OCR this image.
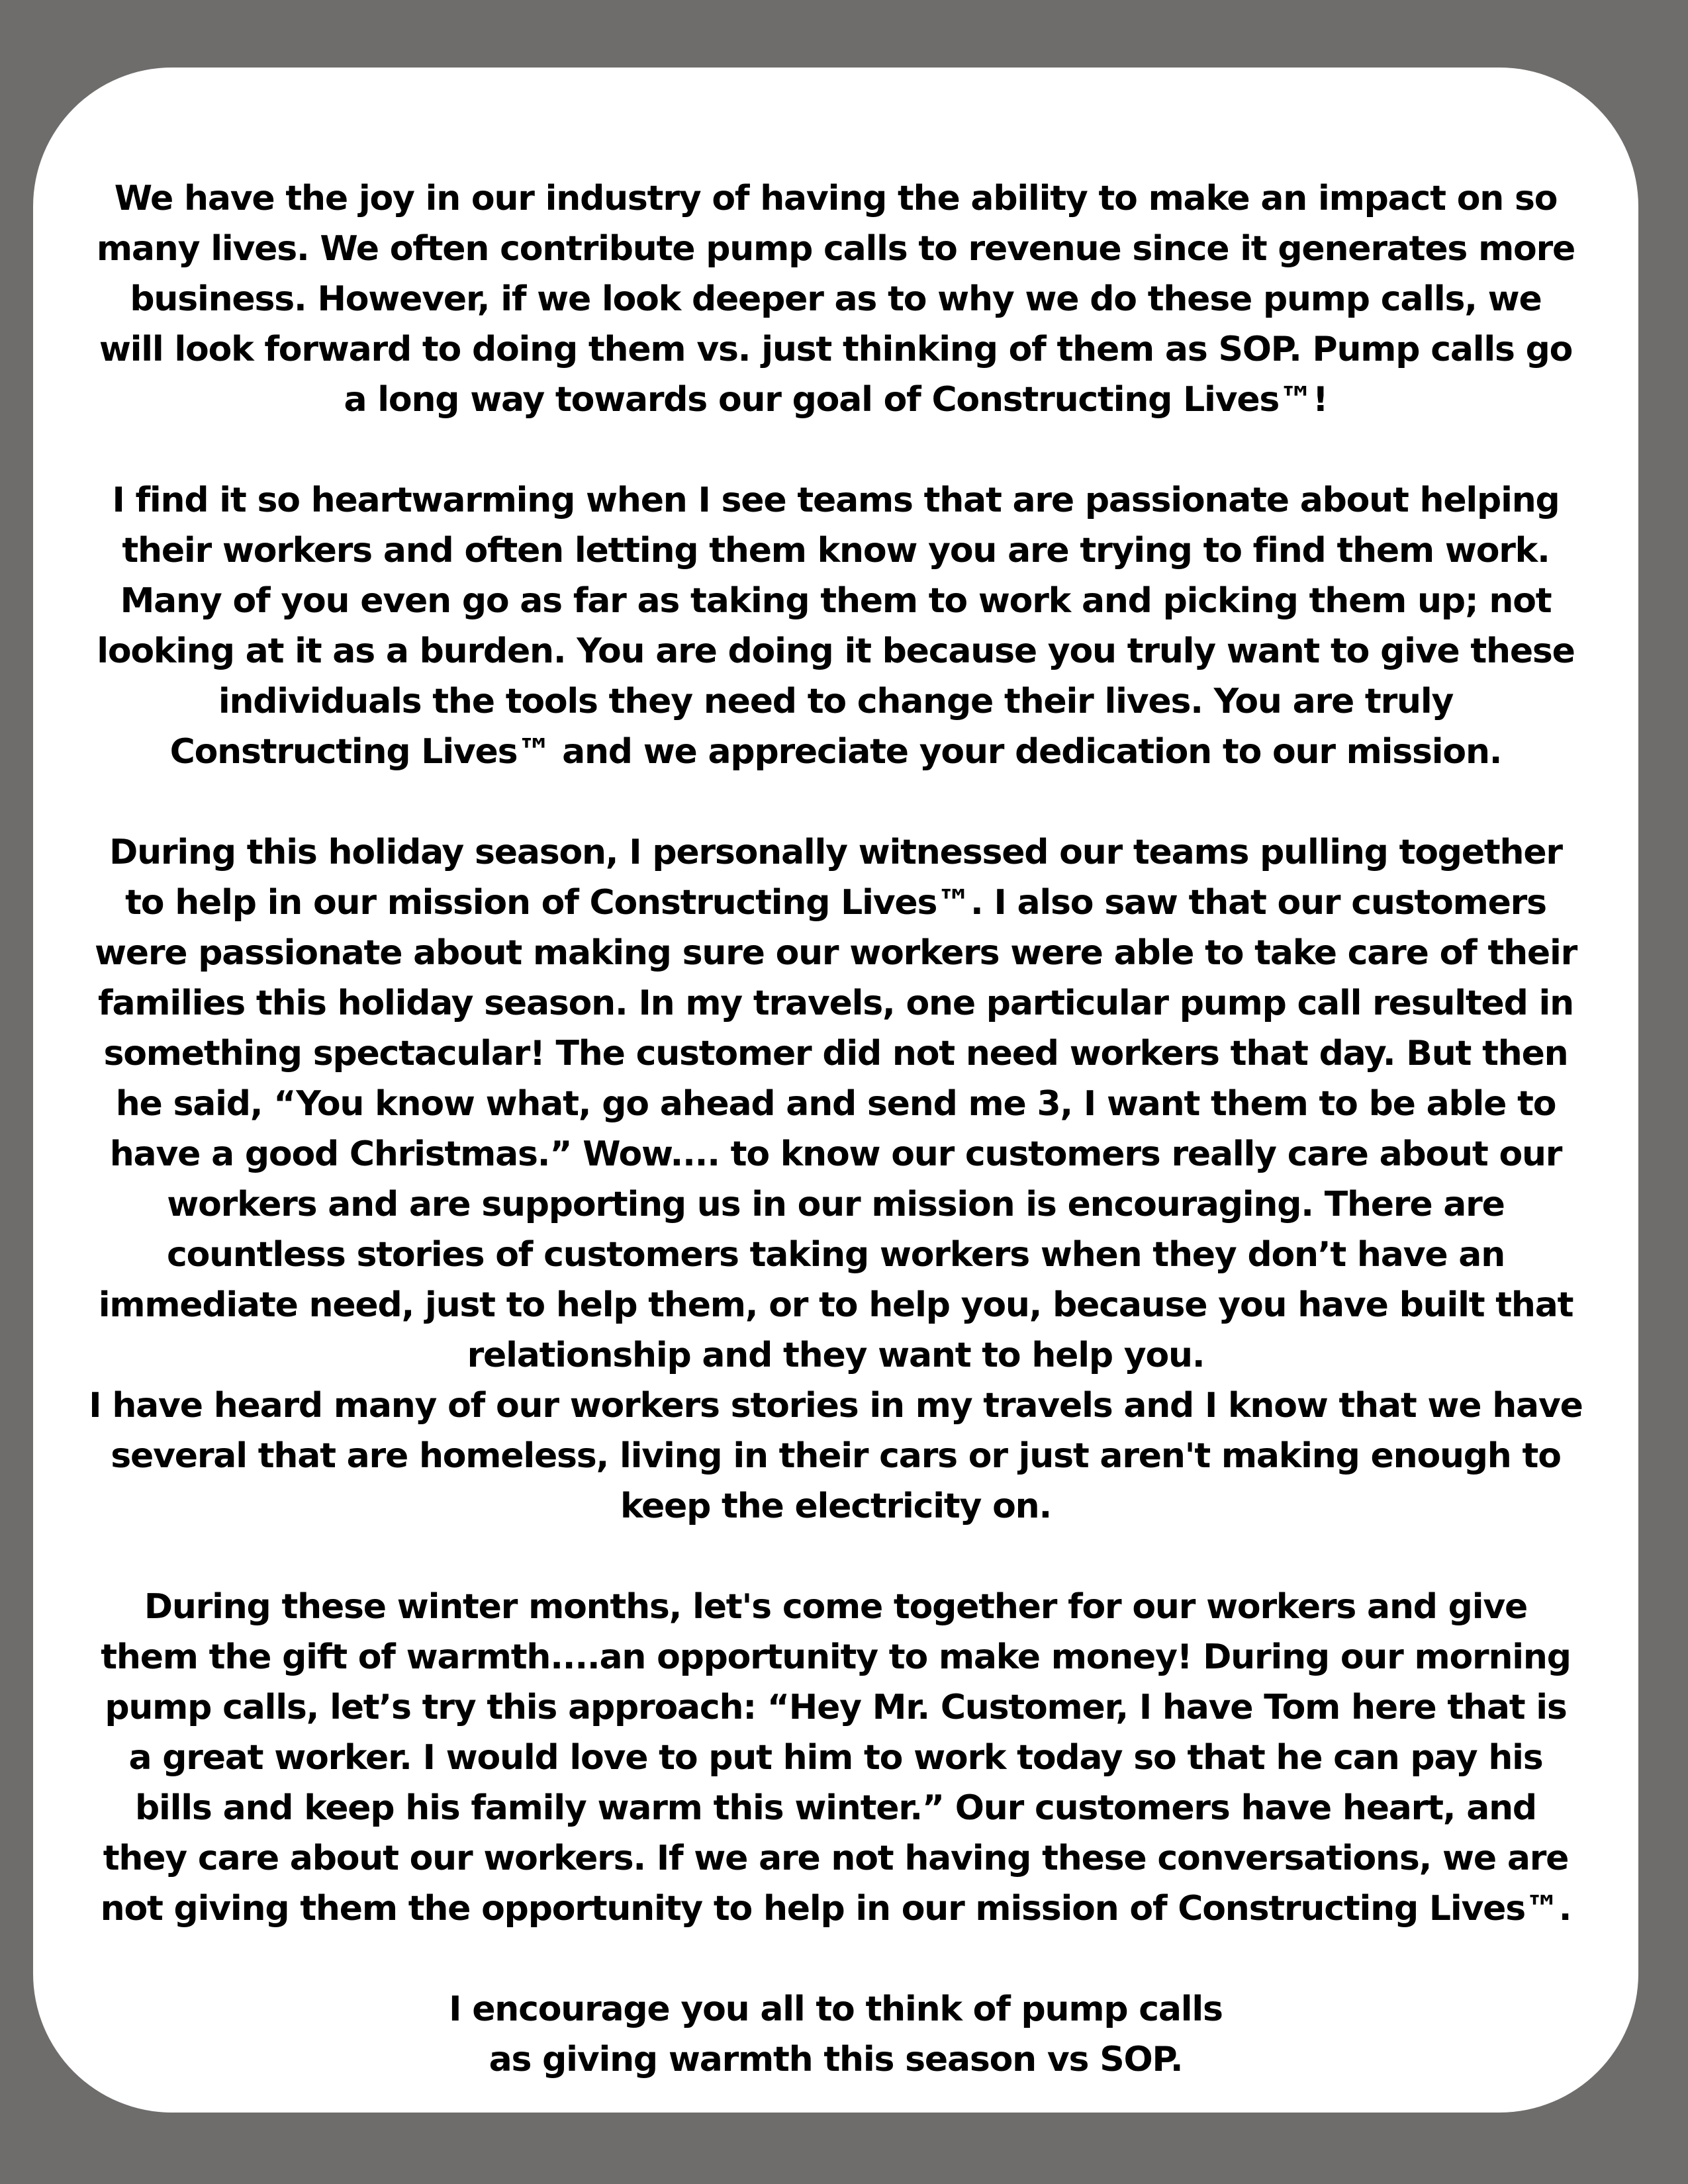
We have the joy in our industry of having the ability to make an impact on so
many lives. We often contribute pump calls to revenue since it generates more
business. However, if we look deeper as to why we do these pump calls, we
will look forward to doing them vs. just thinking of them as SOP. Pump calls go
a long way towards our goal of Constructing Lives™!

I find it so heartwarming when I see teams that are passionate about helping
their workers and often letting them know you are trying to find them work.
Many of you even go as far as taking them to work and picking them up; not
looking at it as a burden. You are doing it because you truly want to give these
individuals the tools they need to change their lives. You are truly
Constructing Lives™ and we appreciate your dedication to our mission.

During this holiday season, I personally witnessed our teams pulling together
to help in our mission of Constructing Lives™. I also saw that our customers
were passionate about making sure our workers were able to take care of their
families this holiday season. In my travels, one particular pump call resulted in
something spectacular! The customer did not need workers that day. But then
he said, “You know what, go ahead and send me 3, I want them to be able to
have a good Christmas.” Wow.... to know our customers really care about our
workers and are supporting us in our mission is encouraging. There are
countless stories of customers taking workers when they don’t have an
immediate need, just to help them, or to help you, because you have built that
relationship and they want to help you.
I have heard many of our workers stories in my travels and I know that we have
several that are homeless, living in their cars or just aren't making enough to
keep the electricity on.

During these winter months, let's come together for our workers and give
them the gift of warmth....an opportunity to make money! During our morning
pump calls, let’s try this approach: “Hey Mr. Customer, I have Tom here that is
a great worker. I would love to put him to work today so that he can pay his
bills and keep his family warm this winter.” Our customers have heart, and
they care about our workers. If we are not having these conversations, we are
not giving them the opportunity to help in our mission of Constructing Lives™.

I encourage you all to think of pump calls
as giving warmth this season vs SOP.
